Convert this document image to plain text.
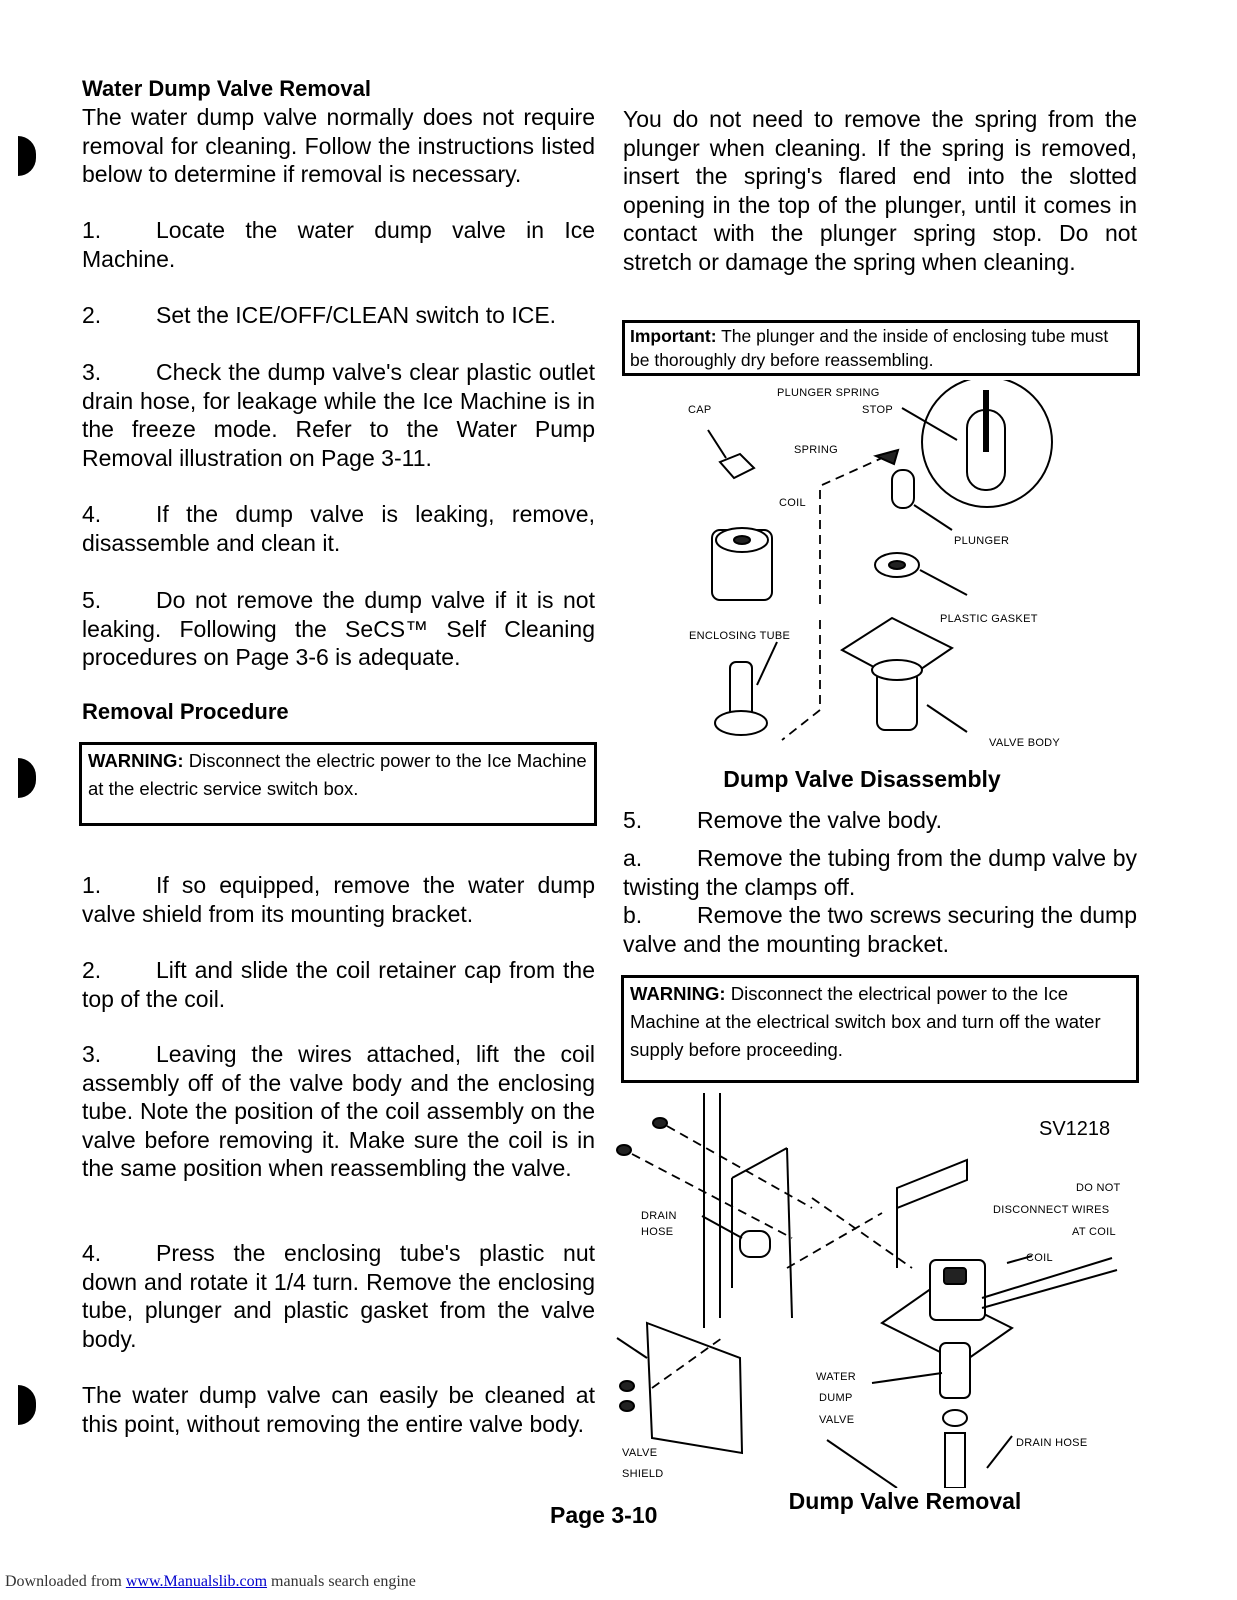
Water Dump Valve Removal
The water dump valve normally does not require removal for cleaning. Follow the instructions listed below to determine if removal is necessary.
1. Locate the water dump valve in Ice Machine.
2. Set the ICE/OFF/CLEAN switch to ICE.
3. Check the dump valve's clear plastic outlet drain hose, for leakage while the Ice Machine is in the freeze mode. Refer to the Water Pump Removal illustration on Page 3-11.
4. If the dump valve is leaking, remove, disassemble and clean it.
5. Do not remove the dump valve if it is not leaking. Following the SeCS™ Self Cleaning procedures on Page 3-6 is adequate.
Removal Procedure
WARNING: Disconnect the electric power to the Ice Machine at the electric service switch box.
1. If so equipped, remove the water dump valve shield from its mounting bracket.
2. Lift and slide the coil retainer cap from the top of the coil.
3. Leaving the wires attached, lift the coil assembly off of the valve body and the enclosing tube. Note the position of the coil assembly on the valve before removing it. Make sure the coil is in the same position when reassembling the valve.
4. Press the enclosing tube's plastic nut down and rotate it 1/4 turn. Remove the enclosing tube, plunger and plastic gasket from the valve body.
The water dump valve can easily be cleaned at this point, without removing the entire valve body.
You do not need to remove the spring from the plunger when cleaning. If the spring is removed, insert the spring's flared end into the slotted opening in the top of the plunger, until it comes in contact with the plunger spring stop. Do not stretch or damage the spring when cleaning.
Important: The plunger and the inside of enclosing tube must be thoroughly dry before reassembling.
PLUNGER SPRING
STOP
CAP
SPRING
COIL
PLUNGER
PLASTIC GASKET
ENCLOSING TUBE
VALVE BODY
Dump Valve Disassembly
5. Remove the valve body.
a. Remove the tubing from the dump valve by twisting the clamps off.
b. Remove the two screws securing the dump valve and the mounting bracket.
WARNING: Disconnect the electrical power to the Ice Machine at the electrical switch box and turn off the water supply before proceeding.
SV1218
DO NOT
DISCONNECT WIRES
AT COIL
COIL
DRAIN
HOSE
WATER
DUMP
VALVE
DRAIN HOSE
VALVE
SHIELD
Dump Valve Removal
Page 3-10
Downloaded from www.Manualslib.com manuals search engine
